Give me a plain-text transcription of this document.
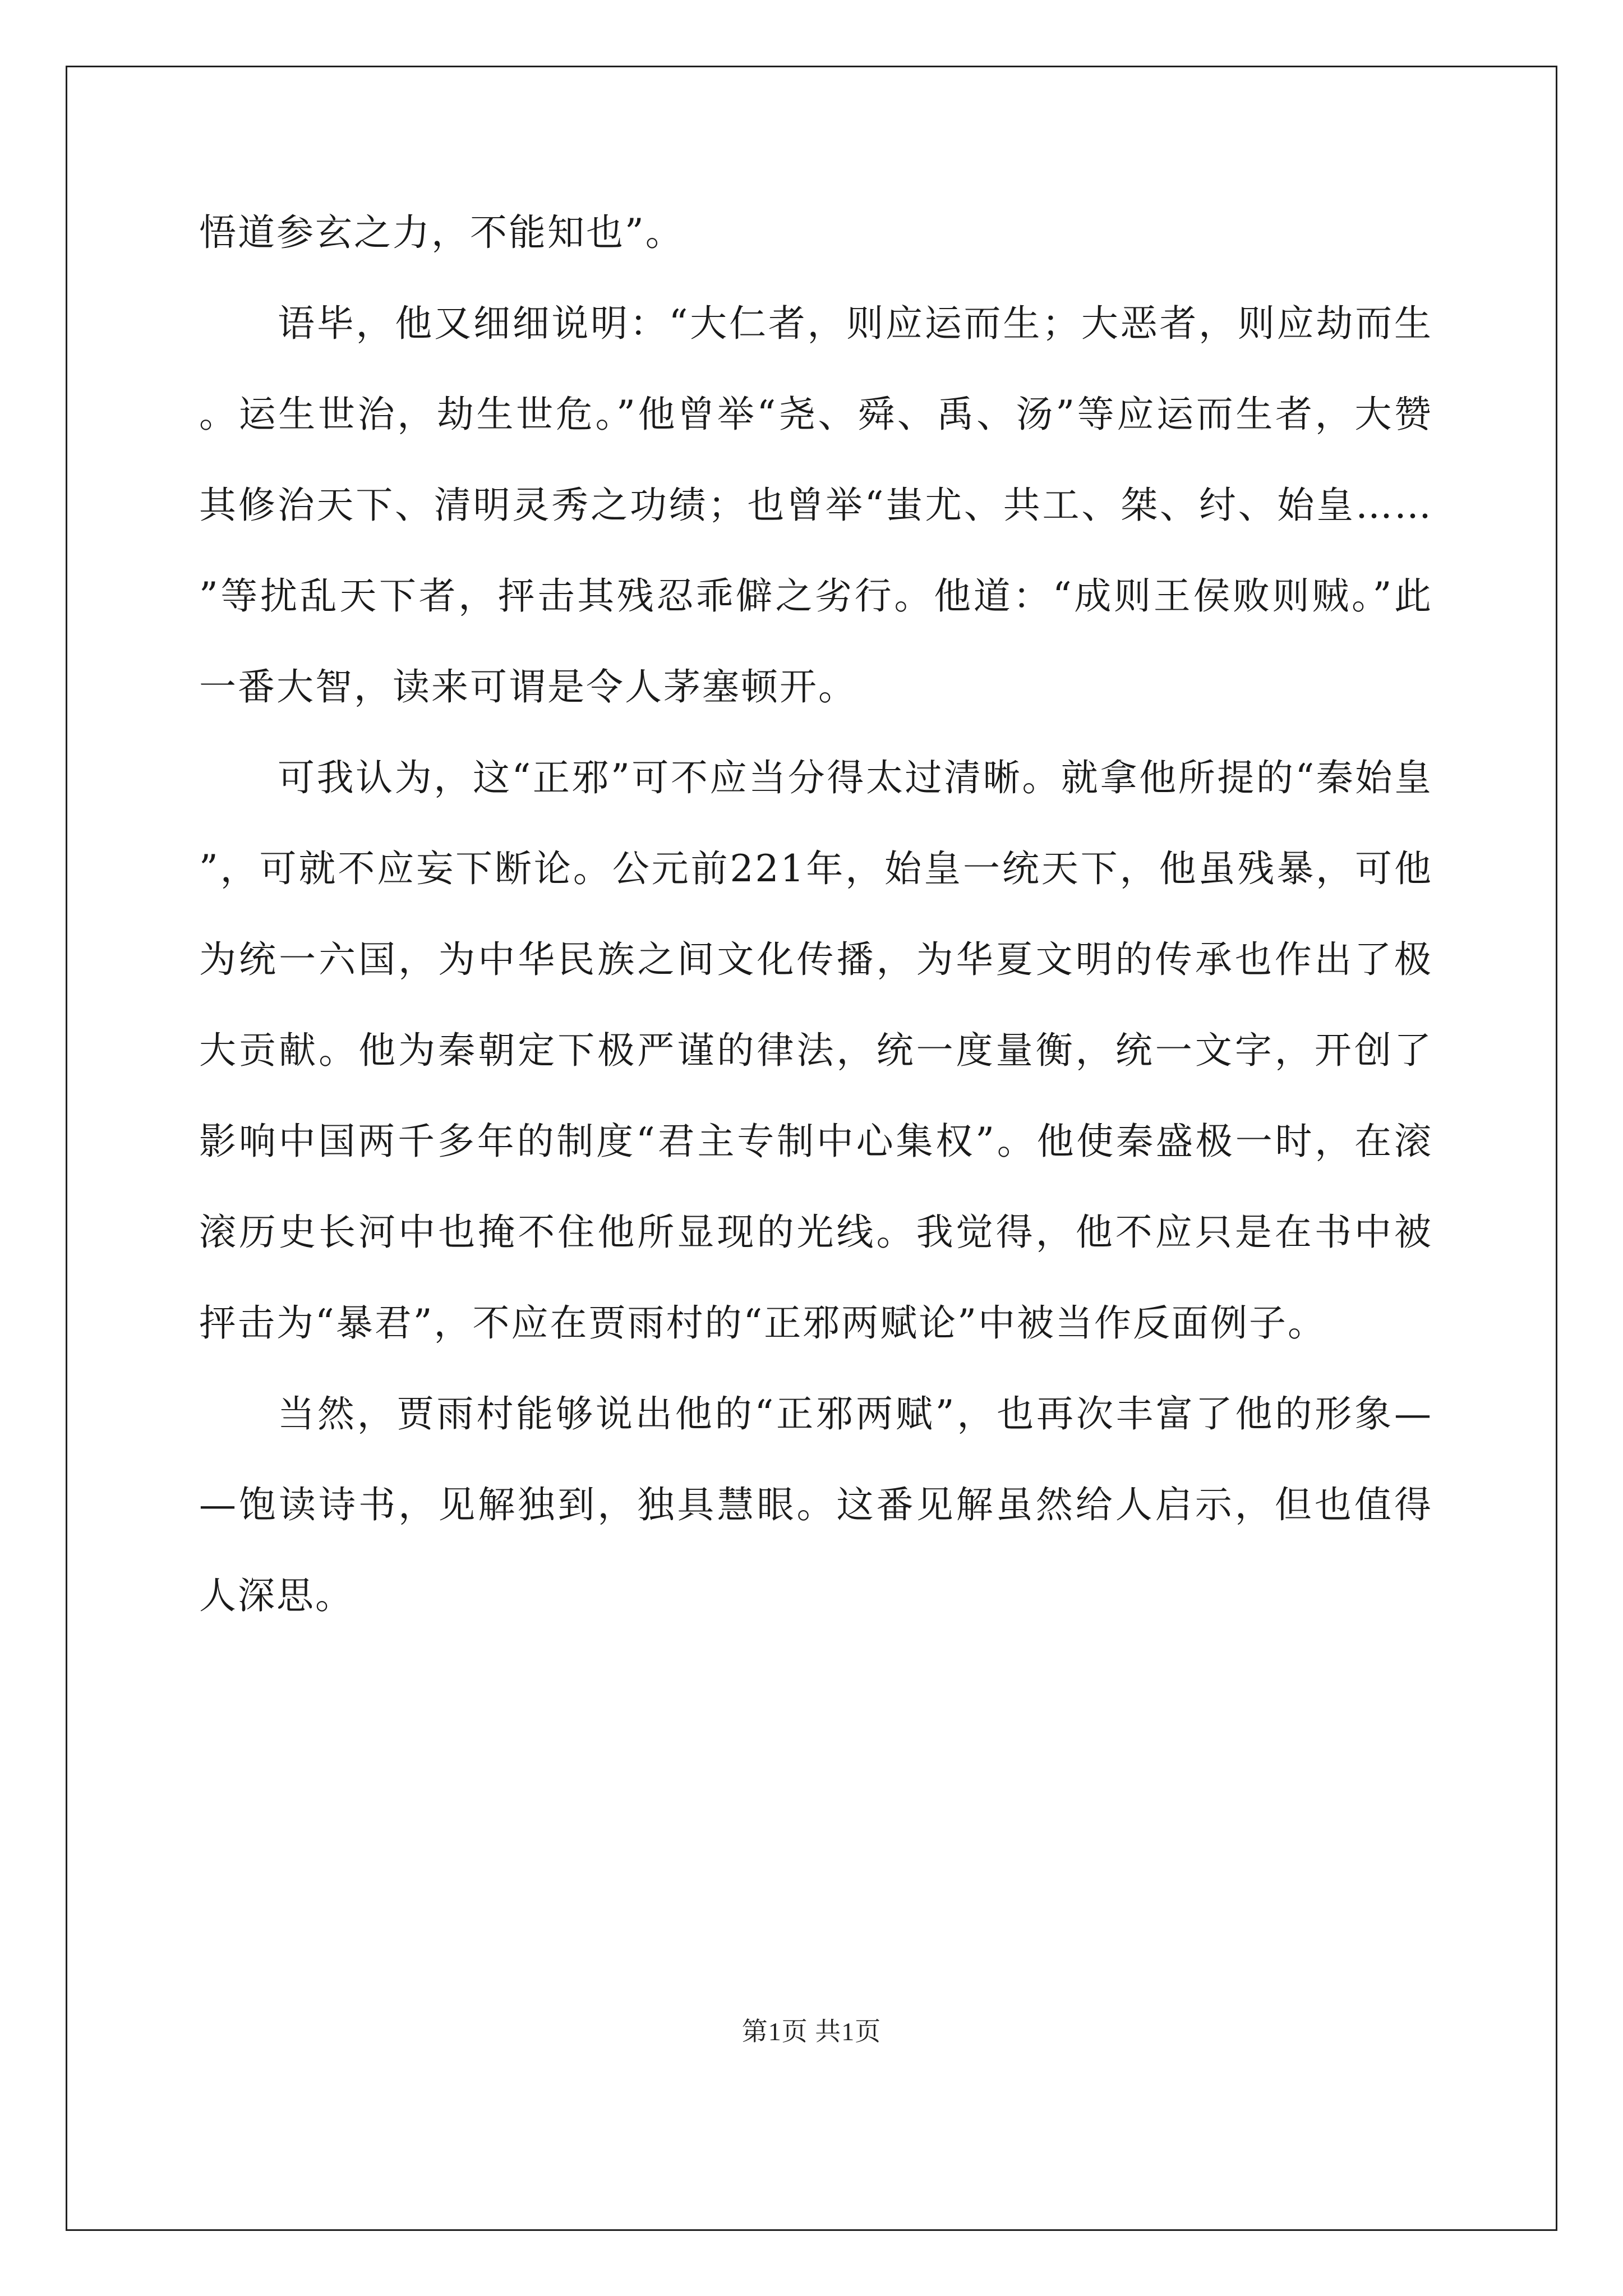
悟道参玄之力，不能知也”。

语毕，他又细细说明：“大仁者，则应运而生；大恶者，则应劫而生。运生世治，劫生世危。”他曾举“尧、舜、禹、汤”等应运而生者，大赞其修治天下、清明灵秀之功绩；也曾举“蚩尤、共工、桀、纣、始皇……”等扰乱天下者，抨击其残忍乖僻之劣行。他道：“成则王侯败则贼。”此一番大智，读来可谓是令人茅塞顿开。

可我认为，这“正邪”可不应当分得太过清晰。就拿他所提的“秦始皇”，可就不应妄下断论。公元前221年，始皇一统天下，他虽残暴，可他为统一六国，为中华民族之间文化传播，为华夏文明的传承也作出了极大贡献。他为秦朝定下极严谨的律法，统一度量衡，统一文字，开创了影响中国两千多年的制度“君主专制中心集权”。他使秦盛极一时，在滚滚历史长河中也掩不住他所显现的光线。我觉得，他不应只是在书中被抨击为“暴君”，不应在贾雨村的“正邪两赋论”中被当作反面例子。

当然，贾雨村能够说出他的“正邪两赋”，也再次丰富了他的形象——饱读诗书，见解独到，独具慧眼。这番见解虽然给人启示，但也值得人深思。

第1页 共1页
